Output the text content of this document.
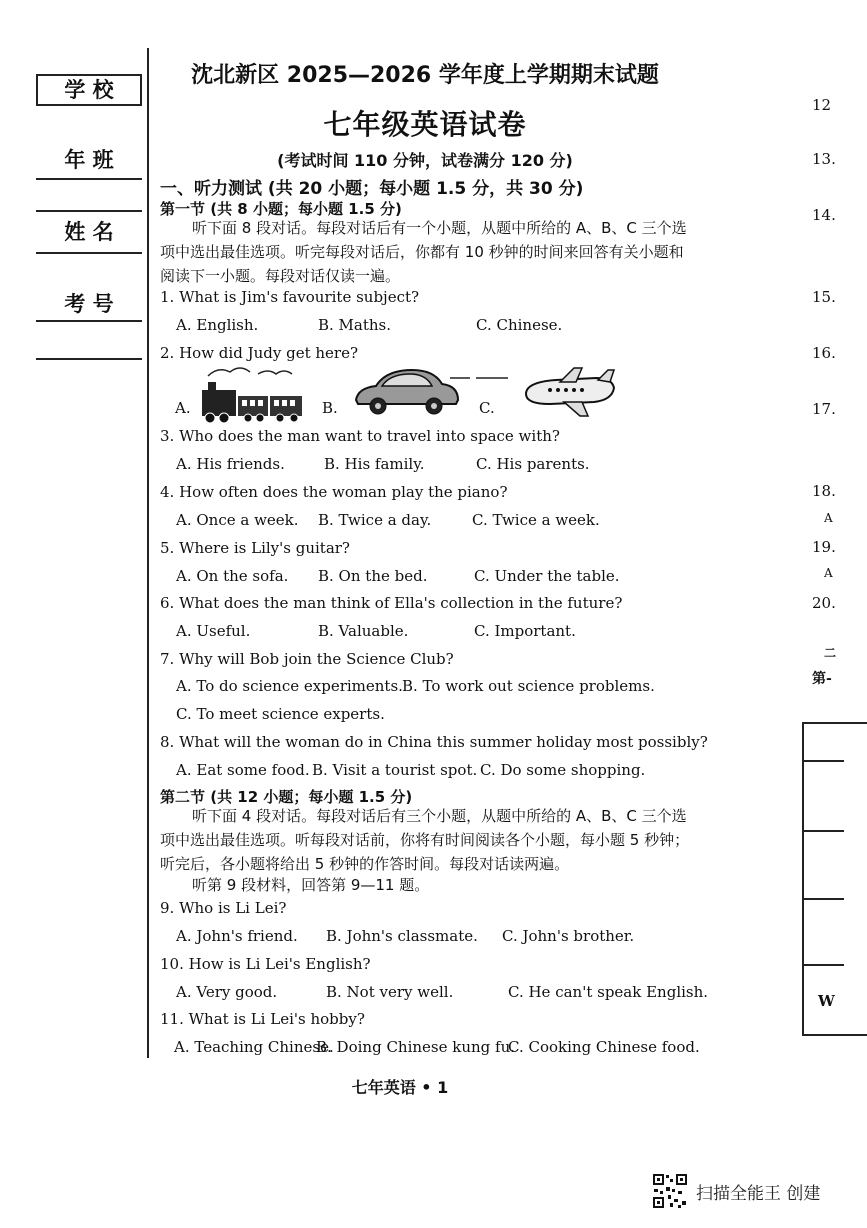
学 校
年 班
姓 名
考 号
沈北新区 2025—2026 学年度上学期期末试题
七年级英语试卷
(考试时间 110 分钟，试卷满分 120 分)
一、听力测试 (共 20 小题；每小题 1.5 分，共 30 分)
第一节 (共 8 小题；每小题 1.5 分)
听下面 8 段对话。每段对话后有一个小题，从题中所给的 A、B、C 三个选项中选出最佳选项。听完每段对话后，你都有 10 秒钟的时间来回答有关小题和阅读下一小题。每段对话仅读一遍。
1. What is Jim's favourite subject?
A. English.	B. Maths.	C. Chinese.
2. How did Judy get here?
A.	B.	C.
3. Who does the man want to travel into space with?
A. His friends.	B. His family.	C. His parents.
4. How often does the woman play the piano?
A. Once a week. B. Twice a day.	C. Twice a week.
5. Where is Lily's guitar?
A. On the sofa. B. On the bed.	C. Under the table.
6. What does the man think of Ella's collection in the future?
A. Useful.	B. Valuable.	C. Important.
7. Why will Bob join the Science Club?
A. To do science experiments. B. To work out science problems.
C. To meet science experts.
8. What will the woman do in China this summer holiday most possibly?
A. Eat some food. B. Visit a tourist spot. C. Do some shopping.
第二节 (共 12 小题；每小题 1.5 分)
听下面 4 段对话。每段对话后有三个小题，从题中所给的 A、B、C 三个选项中选出最佳选项。听每段对话前，你将有时间阅读各个小题，每小题 5 秒钟；听完后，各小题将给出 5 秒钟的作答时间。每段对话读两遍。
听第 9 段材料，回答第 9—11 题。
9. Who is Li Lei?
A. John's friend. B. John's classmate. C. John's brother.
10. How is Li Lei's English?
A. Very good.	B. Not very well.	C. He can't speak English.
11. What is Li Lei's hobby?
A. Teaching Chinese.
B. Doing Chinese kung fu.
C. Cooking Chinese food.
七年英语 • 1
12
13.
14.
15.
16.
17.
18.
19.
20.
A
A
二
第-
W
扫描全能王 创建
